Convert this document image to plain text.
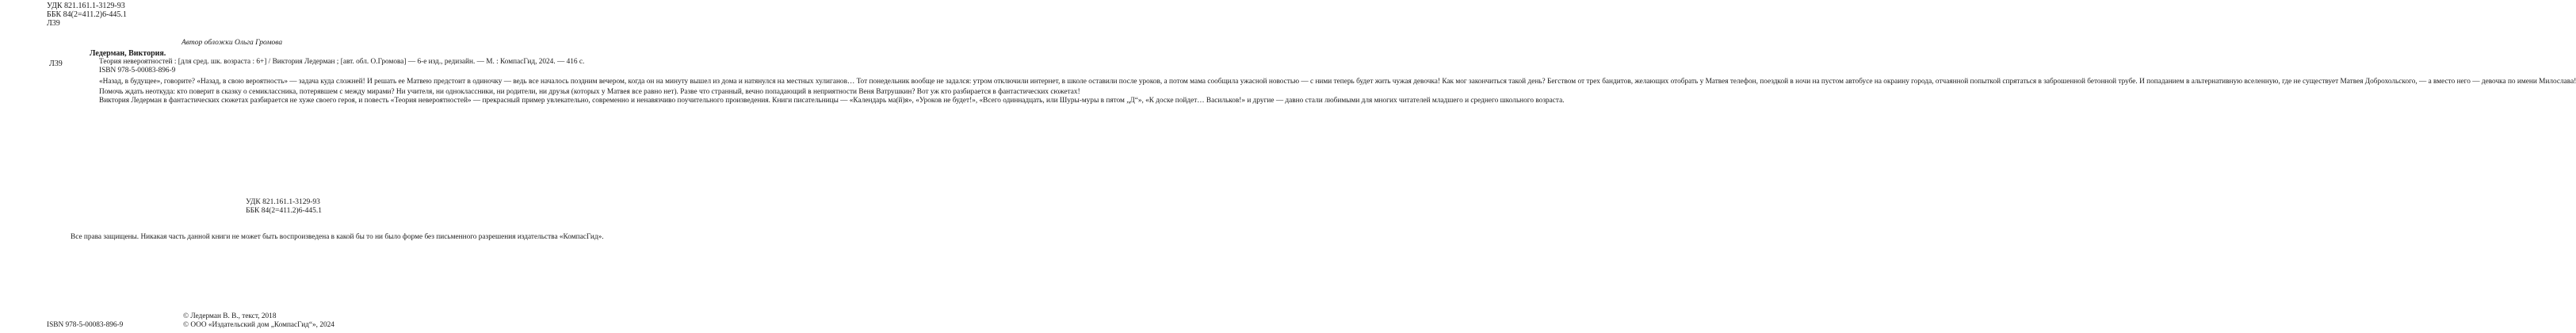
УДК 821.161.1-3129-93
ББК 84(2=411.2)6-445.1
Л39
Автор обложки Ольга Громова
Л39

Ледерман, Виктория.

Теория невероятностей : [для сред. шк. возраста : 6+] / Виктория Ледерман ; [авт. обл. О.Громова] — 6-е изд., редизайн. — М. : КомпасГид, 2024. — 416 с.

ISBN 978-5-00083-896-9

«Назад, в будущее», говорите? «Назад, в свою вероятность» — задача куда сложней! И решать ее Матвею предстоит в одиночку — ведь все началось поздним вечером, когда он на минуту вышел из дома и натянулся на местных хулиганов… Тот понедельник вообще не задался: утром отключили интернет, в школе оставили после уроков, а потом мама сообщила ужасной новостью — с ними теперь будет жить чужая девочка! Как мог закончиться такой день? Бегством от трех бандитов, желающих отобрать у Матвея телефон, поездкой в ночи на пустом автобусе на окраину города, отчаянной попыткой спрятаться в заброшенной бетонной трубе. И попаданием в альтернативную вселенную, где не существует Матвея Доброхольского, — а вместо него — девочка по имени Милослава!

Помочь ждать неоткуда: кто поверит в сказку о семиклассника, потерявшем с между мирами? Ни учителя, ни одноклассники, ни родители, ни друзья (которых у Матвея все равно нет). Разве что странный, вечно попадающий в неприятности Веня Ватрушкин? Вот уж кто разбирается в фантастических сюжетах!

Виктория Ледерман в фантастических сюжетах разбирается не хуже своего героя, и повесть «Теория невероятностей» — прекрасный пример увлекательно, современно и ненавязчиво поучительного произведения. Книги писательницы — «Календарь ма(й)я», «Уроков не будет!», «Всего одиннадцать, или Шуры-муры в пятом „Д“», «К доске пойдет… Васильков!» и другие — давно стали любимыми для многих читателей младшего и среднего школьного возраста.

УДК 821.161.1-3129-93
ББК 84(2=411.2)6-445.1

Все права защищены. Никакая часть данной книги не может быть воспроизведена в какой бы то ни было форме без письменного разрешения издательства «КомпасГид».

© Ледерман В. В., текст, 2018
© ООО «Издательский дом „КомпасГид“», 2024
ISBN 978-5-00083-896-9
